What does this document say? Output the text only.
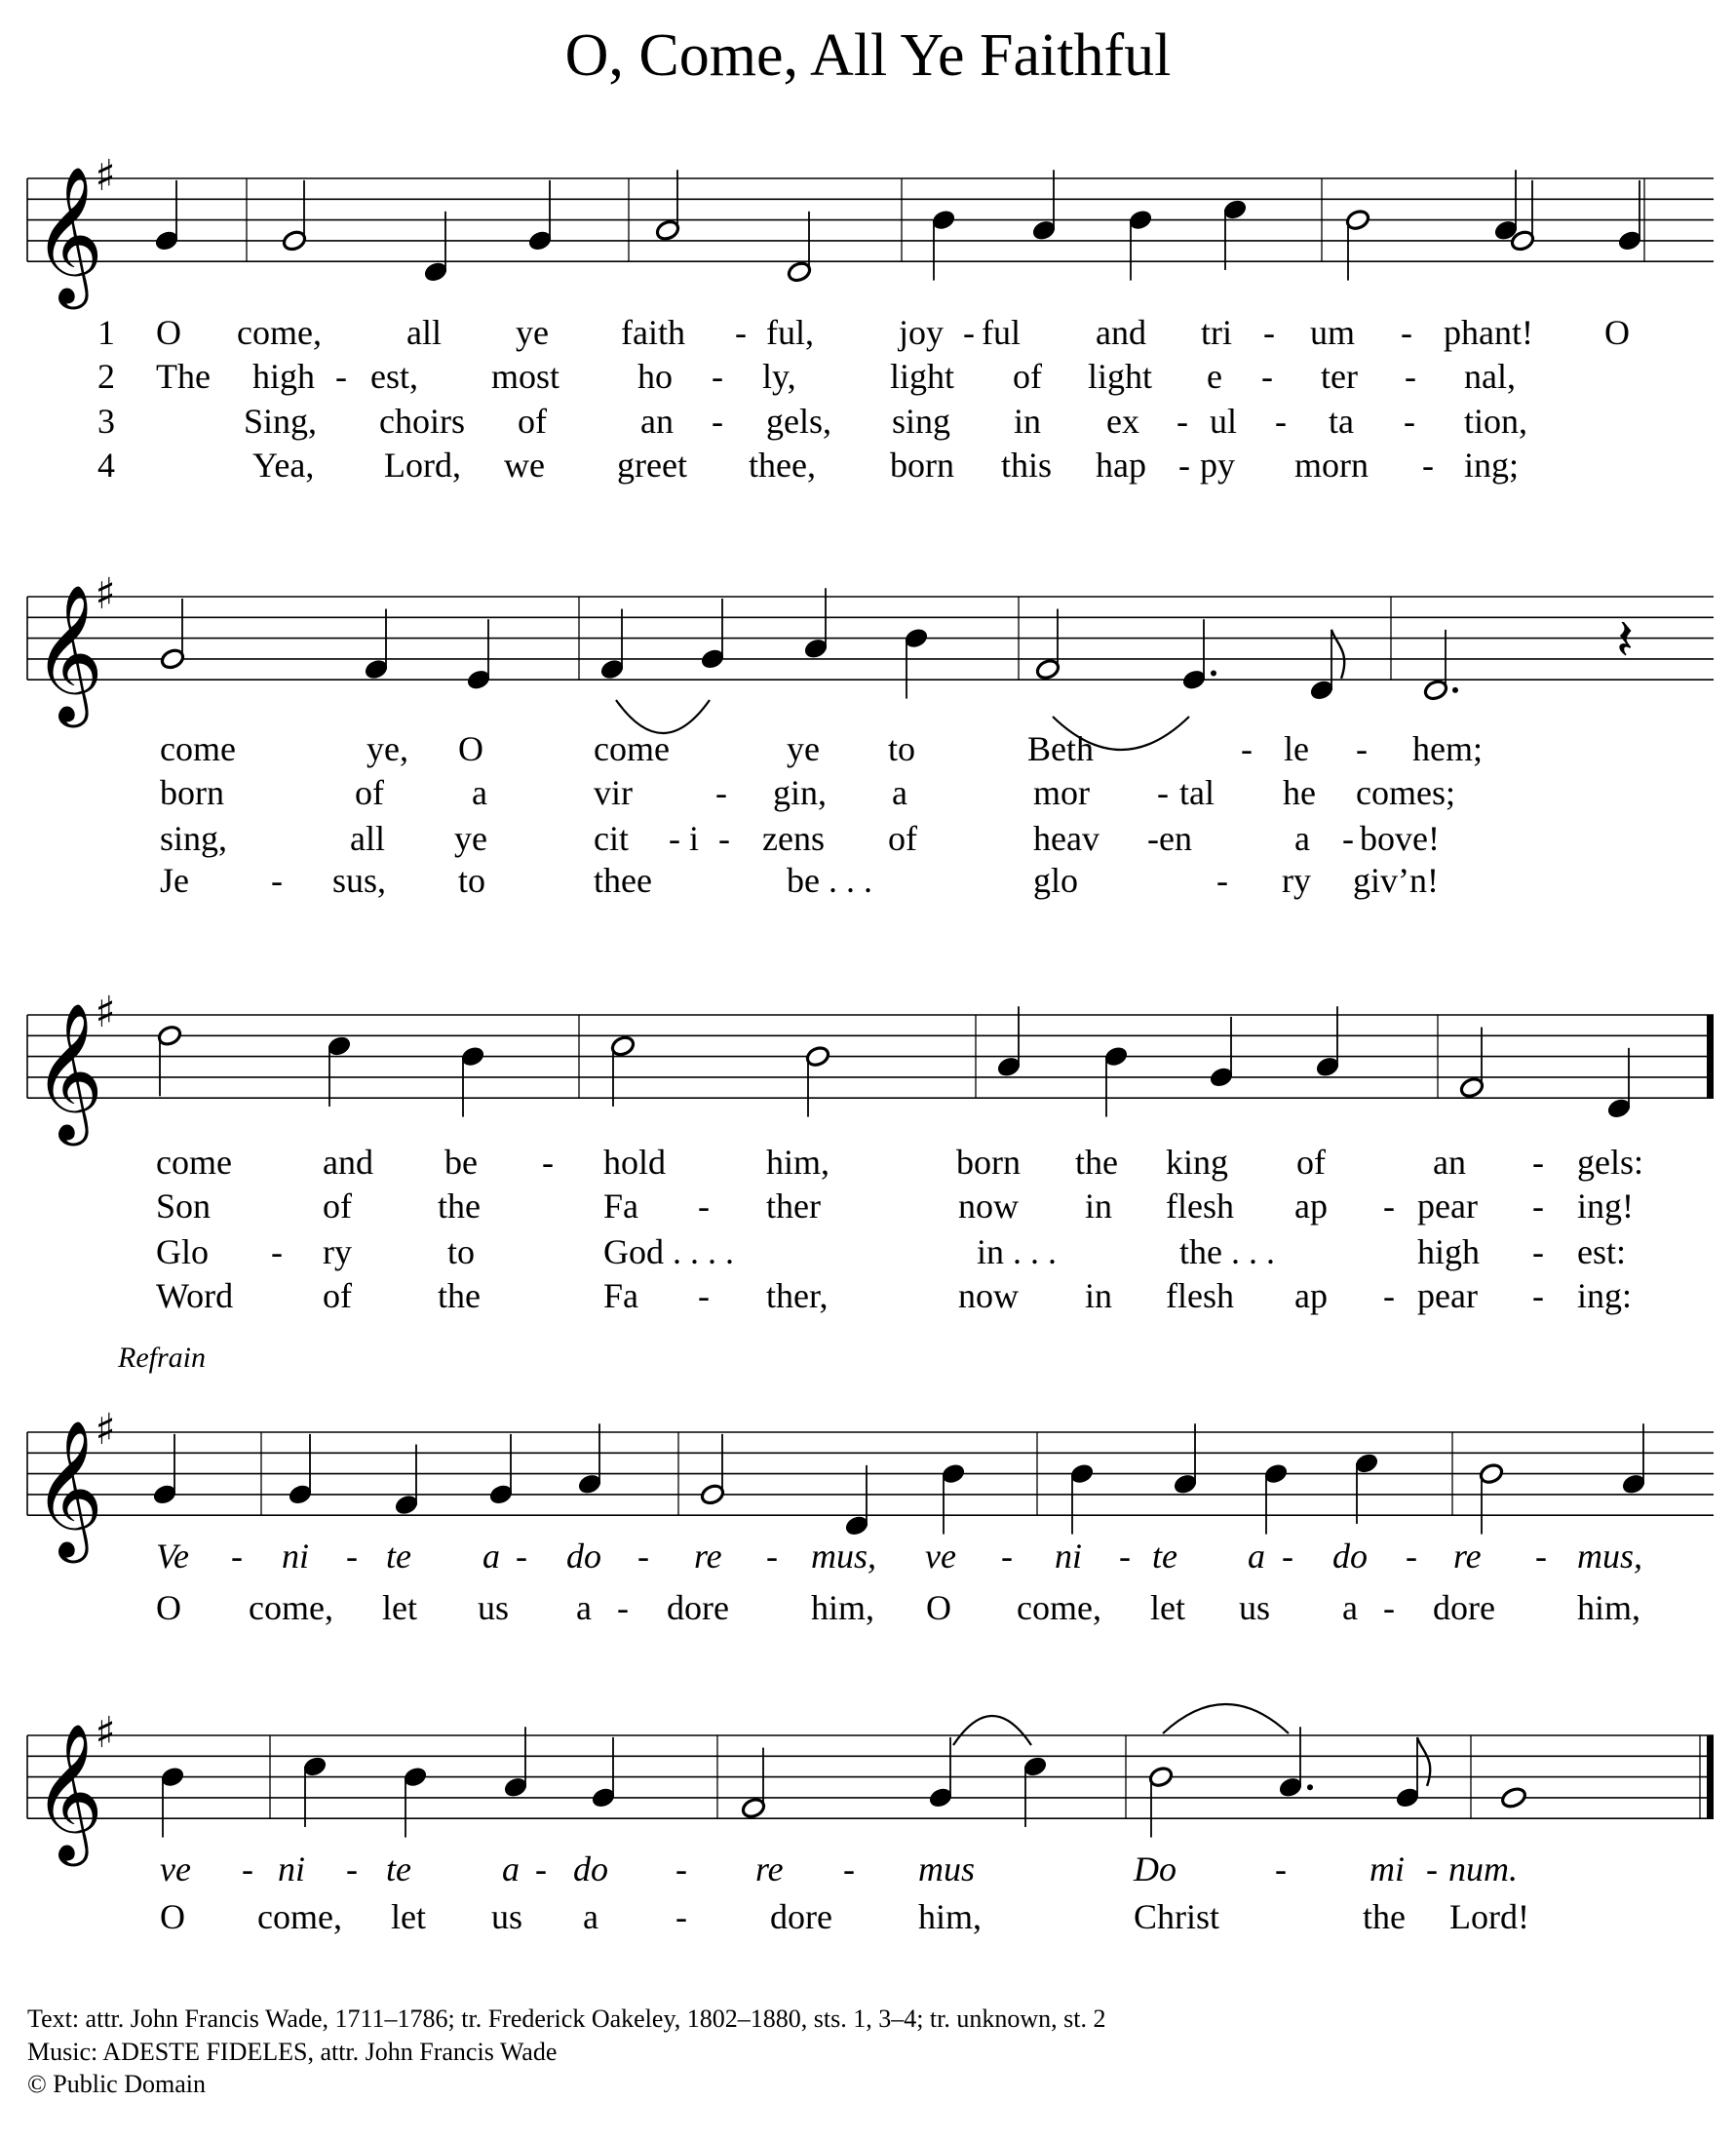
O, Come, All Ye Faithful
𝄞
♯
1 O come, all ye faith - ful, joy - ful and tri - um - phant! O
2 The high - est, most ho - ly,	light of light e - ter - nal,
3	Sing, choirs of	an - gels, sing in ex - ul - ta - tion,
4	Yea, Lord, we greet thee, born this hap - py morn - ing;
𝄞
♯
𝄽
come	ye, O	come	ye to	Beth	- le - hem;
born	of	a	vir - gin, a	mor - tal he comes;
sing,	all ye	cit - i - zens of	heav - en	a - bove!
Je - sus, to	thee	be . . .	glo	- ry giv’n!
𝄞
♯
come	and be - hold	him,	born the king of	an - gels:
Son	of the	Fa - ther	now in flesh ap - pear - ing!
Glo - ry	to	God . . . .	in . . .	the . . .	high - est:
Word	of the	Fa - ther,	now in flesh ap - pear - ing:
𝄞
♯
Refrain
Ve - ni - te a - do - re - mus, ve - ni - te a - do - re - mus,
O come, let us a - dore him, O come, let us a - dore him,
𝄞
♯
ve - ni - te	a - do - re - mus	Do	- mi - num.
O come, let us a - dore him,	Christ	the Lord!
Text: attr. John Francis Wade, 1711–1786; tr. Frederick Oakeley, 1802–1880, sts. 1, 3–4; tr. unknown, st. 2
Music: ADESTE FIDELES, attr. John Francis Wade
© Public Domain
